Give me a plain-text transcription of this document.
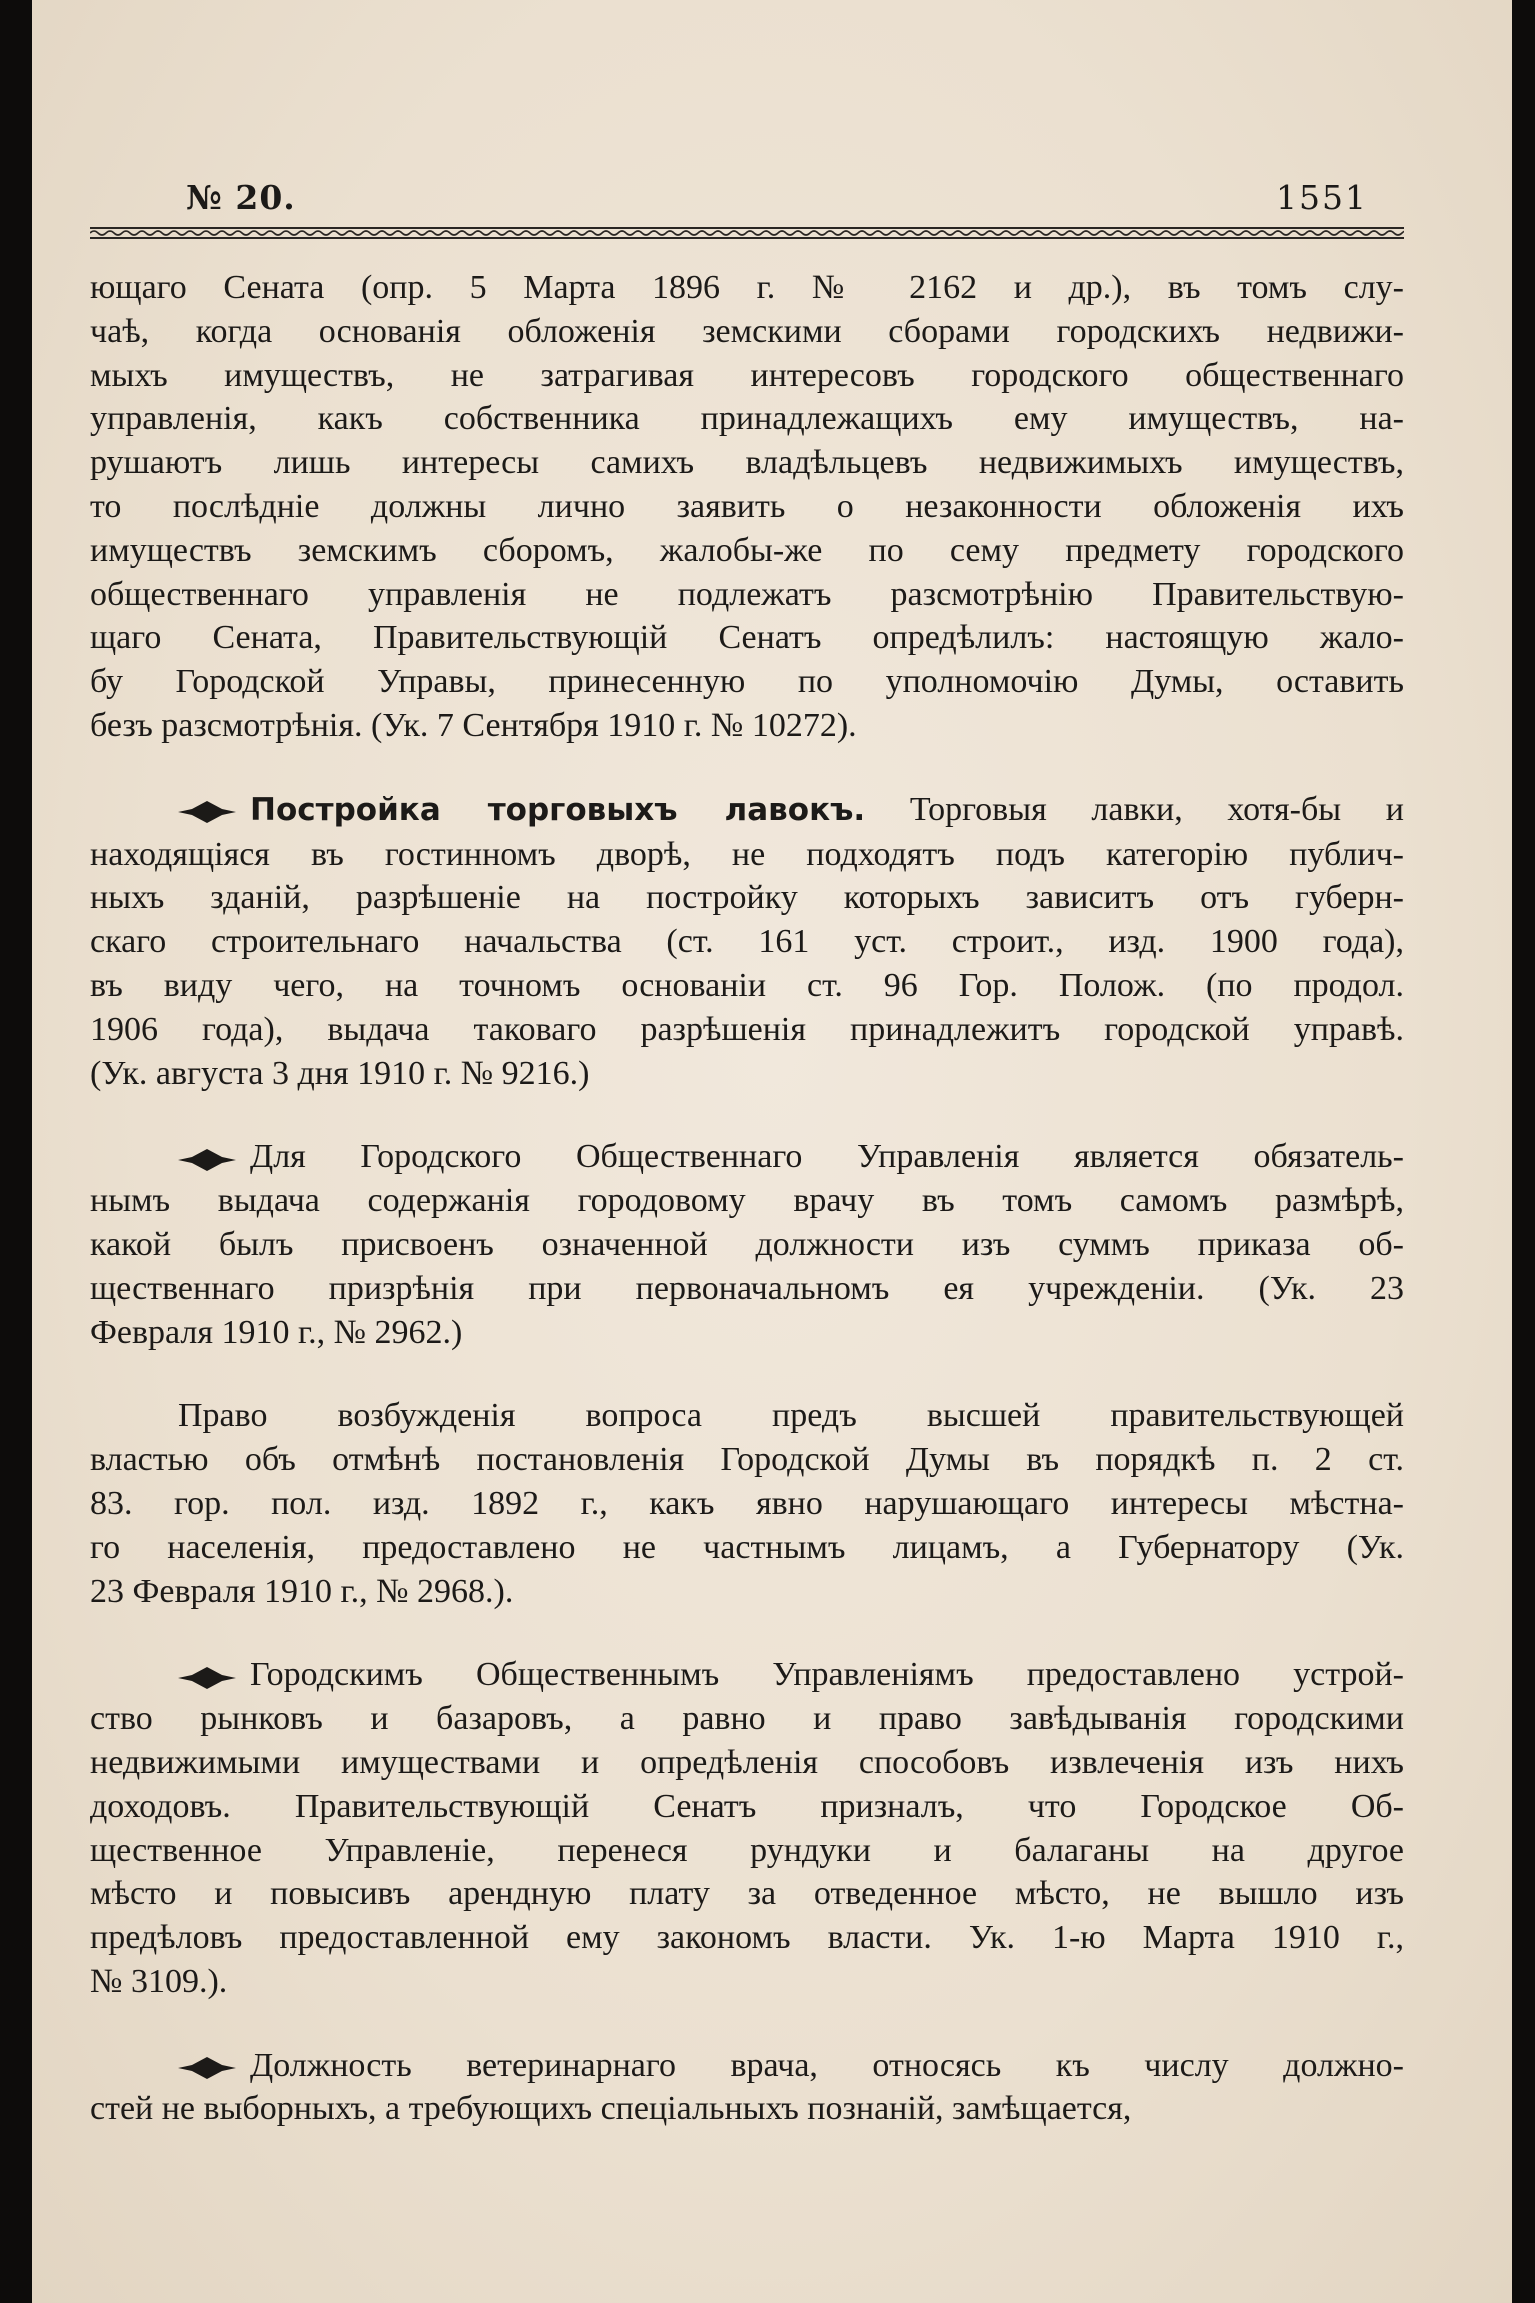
№ 20.	1551
ющаго Сената (опр. 5 Марта 1896 г. № 2162 и др.), въ томъ слу-
чаѣ, когда основанія обложенія земскими сборами городскихъ недвижи-
мыхъ имуществъ, не затрагивая интересовъ городского общественнаго
управленія, какъ собственника принадлежащихъ ему имуществъ, на-
рушаютъ лишь интересы самихъ владѣльцевъ недвижимыхъ имуществъ,
то послѣдніе должны лично заявить о незаконности обложенія ихъ
имуществъ земскимъ сборомъ, жалобы-же по сему предмету городского
общественнаго управленія не подлежатъ разсмотрѣнію Правительствую-
щаго Сената, Правительствующій Сенатъ опредѣлилъ: настоящую жало-
бу Городской Управы, принесенную по уполномочію Думы, оставить
безъ разсмотрѣнія. (Ук. 7 Сентября 1910 г. № 10272).
Постройка торговыхъ лавокъ. Торговыя лавки, хотя-бы и
находящіяся въ гостинномъ дворѣ, не подходятъ подъ категорію публич-
ныхъ зданій, разрѣшеніе на постройку которыхъ зависитъ отъ губерн-
скаго строительнаго начальства (ст. 161 уст. строит., изд. 1900 года),
въ виду чего, на точномъ основаніи ст. 96 Гор. Полож. (по продол.
1906 года), выдача таковаго разрѣшенія принадлежитъ городской управѣ.
(Ук. августа 3 дня 1910 г. № 9216.)
Для Городского Общественнаго Управленія является обязатель-
нымъ выдача содержанія городовому врачу въ томъ самомъ размѣрѣ,
какой былъ присвоенъ означенной должности изъ суммъ приказа об-
щественнаго призрѣнія при первоначальномъ ея учрежденіи. (Ук. 23
Февраля 1910 г., № 2962.)
Право возбужденія вопроса предъ высшей правительствующей
властью объ отмѣнѣ постановленія Городской Думы въ порядкѣ п. 2 ст.
83. гор. пол. изд. 1892 г., какъ явно нарушающаго интересы мѣстна-
го населенія, предоставлено не частнымъ лицамъ, а Губернатору (Ук.
23 Февраля 1910 г., № 2968.).
Городскимъ Общественнымъ Управленіямъ предоставлено устрой-
ство рынковъ и базаровъ, а равно и право завѣдыванія городскими
недвижимыми имуществами и опредѣленія способовъ извлеченія изъ нихъ
доходовъ. Правительствующій Сенатъ призналъ, что Городское Об-
щественное Управленіе, перенеся рундуки и балаганы на другое
мѣсто и повысивъ арендную плату за отведенное мѣсто, не вышло изъ
предѣловъ предоставленной ему закономъ власти. Ук. 1-ю Марта 1910 г.,
№ 3109.).
Должность ветеринарнаго врача, относясь къ числу должно-
стей не выборныхъ, а требующихъ спеціальныхъ познаній, замѣщается,
